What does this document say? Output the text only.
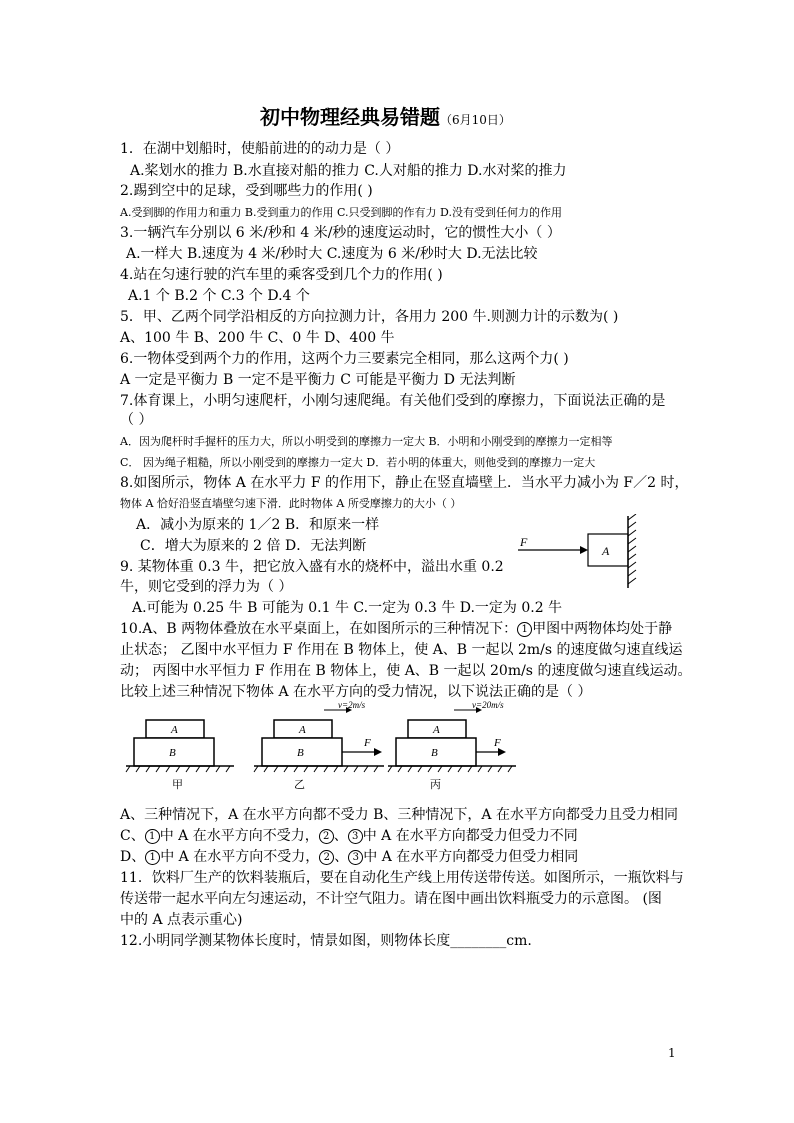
初中物理经典易错题（6月10日）
1．在湖中划船时，使船前进的的动力是（ ）
A.桨划水的推力 B.水直接对船的推力 C.人对船的推力 D.水对桨的推力
2.踢到空中的足球，受到哪些力的作用( )
A.受到脚的作用力和重力 B.受到重力的作用 C.只受到脚的作有力 D.没有受到任何力的作用
3.一辆汽车分别以 6 米/秒和 4 米/秒的速度运动时，它的惯性大小（ ）
A.一样大 B.速度为 4 米/秒时大 C.速度为 6 米/秒时大 D.无法比较
4.站在匀速行驶的汽车里的乘客受到几个力的作用( )
A.1 个 B.2 个 C.3 个 D.4 个
5．甲、乙两个同学沿相反的方向拉测力计，各用力 200 牛.则测力计的示数为( )
A、100 牛 B、200 牛 C、0 牛 D、400 牛
6.一物体受到两个力的作用，这两个力三要素完全相同，那么这两个力( )
A 一定是平衡力 B 一定不是平衡力 C 可能是平衡力 D 无法判断
7.体育课上，小明匀速爬杆，小刚匀速爬绳。有关他们受到的摩擦力，下面说法正确的是
（ ）
A．因为爬杆时手握杆的压力大，所以小明受到的摩擦力一定大 B．小明和小刚受到的摩擦力一定相等
C． 因为绳子粗糙，所以小刚受到的摩擦力一定大 D．若小明的体重大，则他受到的摩擦力一定大
8.如图所示，物体 A 在水平力 F 的作用下，静止在竖直墙壁上．当水平力减小为 F／2 时，
物体 A 恰好沿竖直墙壁匀速下滑．此时物体 A 所受摩擦力的大小（ ）
A．减小为原来的 1／2 B．和原来一样
C．增大为原来的 2 倍 D．无法判断	F
A
9. 某物体重 0.3 牛，把它放入盛有水的烧杯中，溢出水重 0.2
牛，则它受到的浮力为（ ）
A.可能为 0.25 牛 B 可能为 0.1 牛 C.一定为 0.3 牛 D.一定为 0.2 牛
10.A、B 两物体叠放在水平桌面上，在如图所示的三种情况下： 1 甲图中两物体均处于静
止状态； 乙图中水平恒力 F 作用在 B 物体上，使 A、B 一起以 2m/s 的速度做匀速直线运
动； 丙图中水平恒力 F 作用在 B 物体上，使 A、B 一起以 20m/s 的速度做匀速直线运动。
比较上述三种情况下物体 A 在水平方向的受力情况，以下说法正确的是（ ）
A
B
甲
v=2m/s
A
B
F
乙
v=20m/s
A
B
F
丙
A、三种情况下，A 在水平方向都不受力 B、三种情况下，A 在水平方向都受力且受力相同
C、 1 中 A 在水平方向不受力， 2 、 3 中 A 在水平方向都受力但受力不同
D、 1 中 A 在水平方向不受力， 2 、 3 中 A 在水平方向都受力但受力相同
11．饮料厂生产的饮料装瓶后，要在自动化生产线上用传送带传送。如图所示，一瓶饮料与
传送带一起水平向左匀速运动，不计空气阻力。请在图中画出饮料瓶受力的示意图。 (图
中的 A 点表示重心)
12.小明同学测某物体长度时，情景如图，则物体长度________cm.
1
